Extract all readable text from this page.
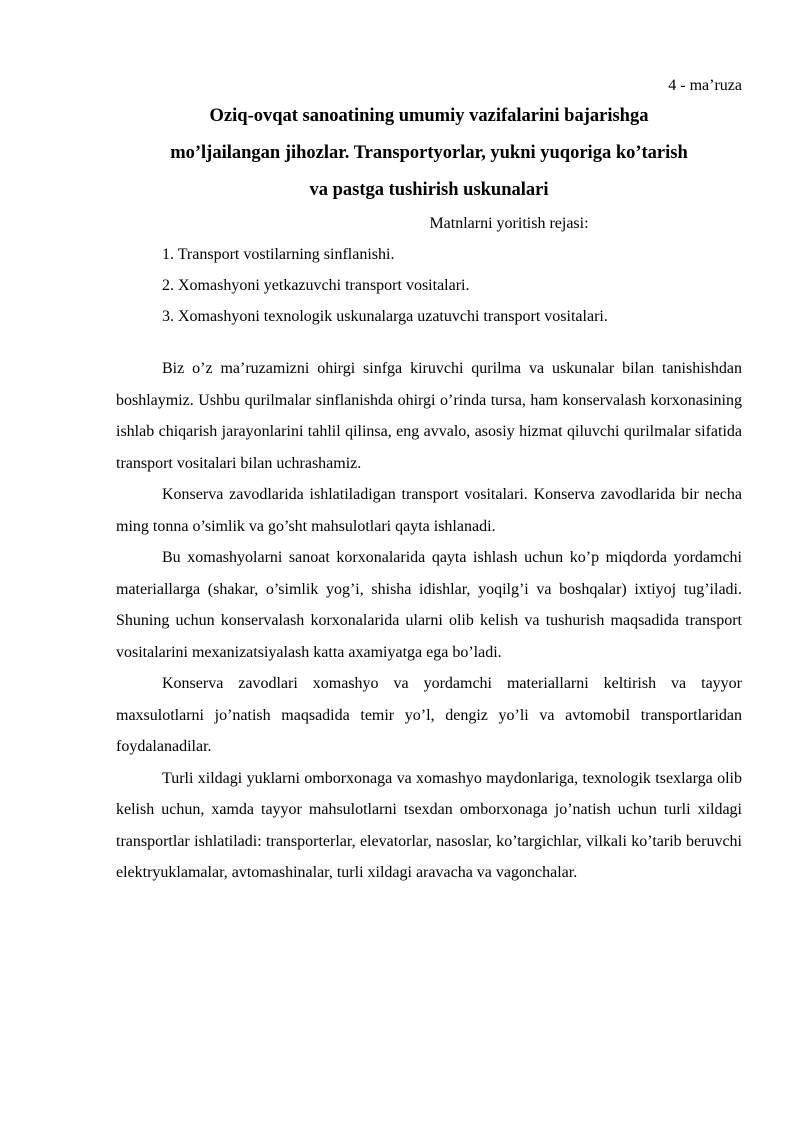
4 - ma’ruza

Oziq-ovqat sanoatining umumiy vazifalarini bajarishga

mo’ljailangan jihozlar. Transportyorlar, yukni yuqoriga ko’tarish

va pastga tushirish uskunalari

Matnlarni yoritish rejasi:

1. Transport vostilarning sinflanishi.
2. Xomashyoni yetkazuvchi transport vositalari.
3. Xomashyoni texnologik uskunalarga uzatuvchi transport vositalari.

Biz o’z ma’ruzamizni ohirgi sinfga kiruvchi qurilma va uskunalar bilan tanishishdan boshlaymiz. Ushbu qurilmalar sinflanishda ohirgi o’rinda tursa, ham konservalash korxonasining ishlab chiqarish jarayonlarini tahlil qilinsa, eng avvalo, asosiy hizmat qiluvchi qurilmalar sifatida transport vositalari bilan uchrashamiz.

Konserva zavodlarida ishlatiladigan transport vositalari. Konserva zavodlarida bir necha ming tonna o’simlik va go’sht mahsulotlari qayta ishlanadi.

Bu xomashyolarni sanoat korxonalarida qayta ishlash uchun ko’p miqdorda yordamchi materiallarga (shakar, o’simlik yog’i, shisha idishlar, yoqilg’i va boshqalar) ixtiyoj tug’iladi. Shuning uchun konservalash korxonalarida ularni olib kelish va tushurish maqsadida transport vositalarini mexanizatsiyalash katta axamiyatga ega bo’ladi.

Konserva zavodlari xomashyo va yordamchi materiallarni keltirish va tayyor maxsulotlarni jo’natish maqsadida temir yo’l, dengiz yo’li va avtomobil transportlaridan foydalanadilar.

Turli xildagi yuklarni omborxonaga va xomashyo maydonlariga, texnologik tsexlarga olib kelish uchun, xamda tayyor mahsulotlarni tsexdan omborxonaga jo’natish uchun turli xildagi transportlar ishlatiladi: transporterlar, elevatorlar, nasoslar, ko’targichlar, vilkali ko’tarib beruvchi elektryuklamalar, avtomashinalar, turli xildagi aravacha va vagonchalar.
